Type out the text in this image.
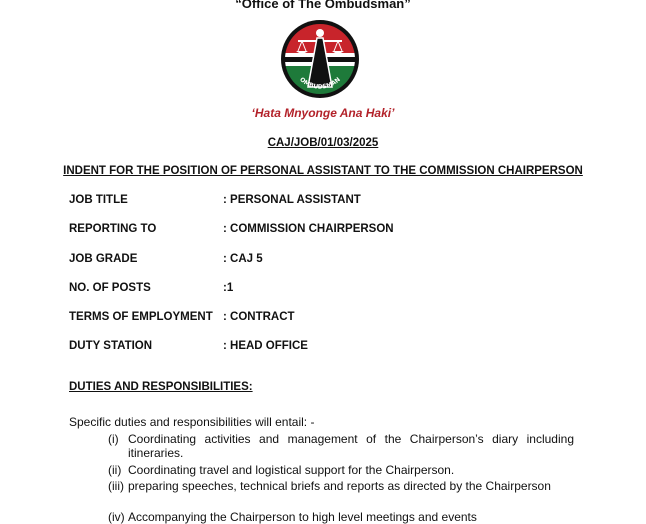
“Office of The Ombudsman”
OMBUDSMAN
‘Hata Mnyonge Ana Haki’
CAJ/JOB/01/03/2025
INDENT FOR THE POSITION OF PERSONAL ASSISTANT TO THE COMMISSION CHAIRPERSON
JOB TITLE	: PERSONAL ASSISTANT
REPORTING TO	: COMMISSION CHAIRPERSON
JOB GRADE	: CAJ 5
NO. OF POSTS	:1
TERMS OF EMPLOYMENT : CONTRACT
DUTY STATION	: HEAD OFFICE
DUTIES AND RESPONSIBILITIES:
Specific duties and responsibilities will entail: -
(i) Coordinating activities and management of the Chairperson’s diary including itineraries.
(ii) Coordinating travel and logistical support for the Chairperson.
(iii) preparing speeches, technical briefs and reports as directed by the Chairperson
(iv) Accompanying the Chairperson to high level meetings and events
